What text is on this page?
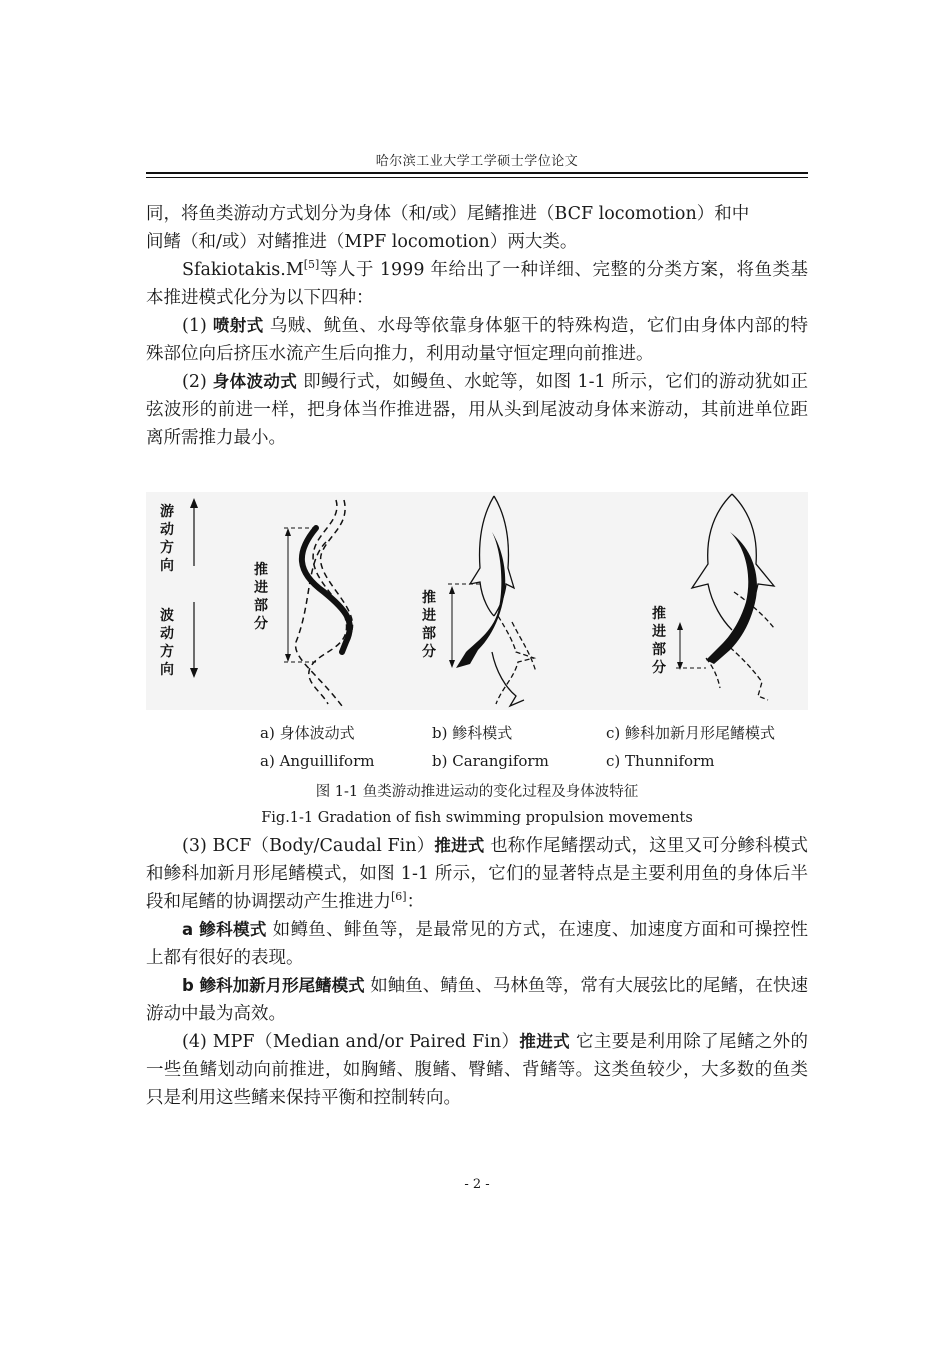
哈尔滨工业大学工学硕士学位论文

同，将鱼类游动方式划分为身体（和/或）尾鳍推进（BCF locomotion）和中

间鳍（和/或）对鳍推进（MPF locomotion）两大类。

Sfakiotakis.M[5]等人于 1999 年给出了一种详细、完整的分类方案，将鱼类基本推进模式化分为以下四种：

(1) 喷射式 乌贼、鱿鱼、水母等依靠身体躯干的特殊构造，它们由身体内部的特殊部位向后挤压水流产生后向推力，利用动量守恒定理向前推进。

(2) 身体波动式 即鳗行式，如鳗鱼、水蛇等，如图 1-1 所示，它们的游动犹如正弦波形的前进一样，把身体当作推进器，用从头到尾波动身体来游动，其前进单位距离所需推力最小。

游
动
方
向
波
动
方
向
推
进
部
分
推
进
部
分
推
进
部
分
a) 身体波动式	b) 鲹科模式	c) 鲹科加新月形尾鳍模式
a) Anguilliform	b) Carangiform	c) Thunniform
图 1-1 鱼类游动推进运动的变化过程及身体波特征
Fig.1-1 Gradation of fish swimming propulsion movements

(3) BCF（Body/Caudal Fin）推进式 也称作尾鳍摆动式，这里又可分鲹科模式和鲹科加新月形尾鳍模式，如图 1-1 所示，它们的显著特点是主要利用鱼的身体后半段和尾鳍的协调摆动产生推进力[6]：

a 鲹科模式 如鳟鱼、鲱鱼等，是最常见的方式，在速度、加速度方面和可操控性上都有很好的表现。

b 鲹科加新月形尾鳍模式 如鲉鱼、鲭鱼、马林鱼等，常有大展弦比的尾鳍，在快速游动中最为高效。

(4) MPF（Median and/or Paired Fin）推进式 它主要是利用除了尾鳍之外的一些鱼鳍划动向前推进，如胸鳍、腹鳍、臀鳍、背鳍等。这类鱼较少，大多数的鱼类只是利用这些鳍来保持平衡和控制转向。

- 2 -
